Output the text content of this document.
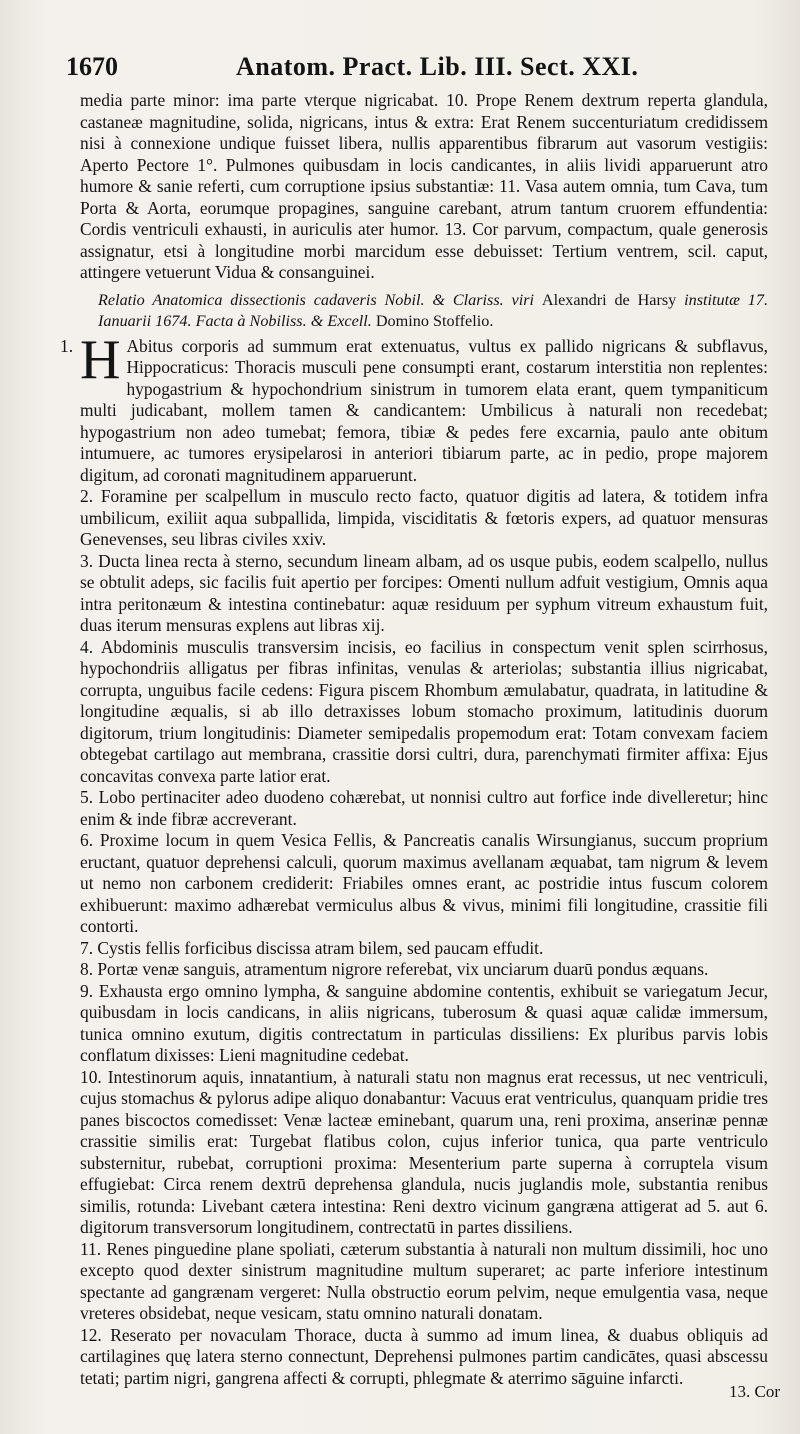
1670	Anatom. Pract. Lib. III. Sect. XXI.

media parte minor: ima parte vterque nigricabat. 10. Prope Renem dextrum reperta glandula, castaneæ magnitudine, solida, nigricans, intus & extra: Erat Renem succenturiatum credidissem nisi à connexione undique fuisset libera, nullis apparentibus fibrarum aut vasorum vestigiis: Aperto Pectore 1°. Pulmones quibusdam in locis candicantes, in aliis lividi apparuerunt atro humore & sanie referti, cum corruptione ipsius substantiæ: 11. Vasa autem omnia, tum Cava, tum Porta & Aorta, eorumque propagines, sanguine carebant, atrum tantum cruorem effundentia: Cordis ventriculi exhausti, in auriculis ater humor. 13. Cor parvum, compactum, quale generosis assignatur, etsi à longitudine morbi marcidum esse debuisset: Tertium ventrem, scil. caput, attingere vetuerunt Vidua & consanguinei.

Relatio Anatomica dissectionis cadaveris Nobil. & Clariss. viri Alexandri de Harsy institutæ 17. Ianuarii 1674. Facta à Nobiliss. & Excell. Domino Stoffelio.

1. H Abitus corporis ad summum erat extenuatus, vultus ex pallido nigricans & subflavus, Hippocraticus: Thoracis musculi pene consumpti erant, costarum interstitia non replentes: hypogastrium & hypochondrium sinistrum in tumorem elata erant, quem tympaniticum multi judicabant, mollem tamen & candicantem: Umbilicus à naturali non recedebat; hypogastrium non adeo tumebat; femora, tibiæ & pedes fere excarnia, paulo ante obitum intumuere, ac tumores erysipelarosi in anteriori tibiarum parte, ac in pedio, prope majorem digitum, ad coronati magnitudinem apparuerunt.

2. Foramine per scalpellum in musculo recto facto, quatuor digitis ad latera, & totidem infra umbilicum, exiliit aqua subpallida, limpida, visciditatis & fœtoris expers, ad quatuor mensuras Genevenses, seu libras civiles xxiv.

3. Ducta linea recta à sterno, secundum lineam albam, ad os usque pubis, eodem scalpello, nullus se obtulit adeps, sic facilis fuit apertio per forcipes: Omenti nullum adfuit vestigium, Omnis aqua intra peritonæum & intestina continebatur: aquæ residuum per syphum vitreum exhaustum fuit, duas iterum mensuras explens aut libras xij.

4. Abdominis musculis transversim incisis, eo facilius in conspectum venit splen scirrhosus, hypochondriis alligatus per fibras infinitas, venulas & arteriolas; substantia illius nigricabat, corrupta, unguibus facile cedens: Figura piscem Rhombum æmulabatur, quadrata, in latitudine & longitudine æqualis, si ab illo detraxisses lobum stomacho proximum, latitudinis duorum digitorum, trium longitudinis: Diameter semipedalis propemodum erat: Totam convexam faciem obtegebat cartilago aut membrana, crassitie dorsi cultri, dura, parenchymati firmiter affixa: Ejus concavitas convexa parte latior erat.

5. Lobo pertinaciter adeo duodeno cohærebat, ut nonnisi cultro aut forfice inde divelleretur; hinc enim & inde fibræ accreverant.

6. Proxime locum in quem Vesica Fellis, & Pancreatis canalis Wirsungianus, succum proprium eructant, quatuor deprehensi calculi, quorum maximus avellanam æquabat, tam nigrum & levem ut nemo non carbonem crediderit: Friabiles omnes erant, ac postridie intus fuscum colorem exhibuerunt: maximo adhærebat vermiculus albus & vivus, minimi fili longitudine, crassitie fili contorti.

7. Cystis fellis forficibus discissa atram bilem, sed paucam effudit.

8. Portæ venæ sanguis, atramentum nigrore referebat, vix unciarum duarū pondus æquans.

9. Exhausta ergo omnino lympha, & sanguine abdomine contentis, exhibuit se variegatum Jecur, quibusdam in locis candicans, in aliis nigricans, tuberosum & quasi aquæ calidæ immersum, tunica omnino exutum, digitis contrectatum in particulas dissiliens: Ex pluribus parvis lobis conflatum dixisses: Lieni magnitudine cedebat.

10. Intestinorum aquis, innatantium, à naturali statu non magnus erat recessus, ut nec ventriculi, cujus stomachus & pylorus adipe aliquo donabantur: Vacuus erat ventriculus, quanquam pridie tres panes biscoctos comedisset: Venæ lacteæ eminebant, quarum una, reni proxima, anserinæ pennæ crassitie similis erat: Turgebat flatibus colon, cujus inferior tunica, qua parte ventriculo substernitur, rubebat, corruptioni proxima: Mesenterium parte superna à corruptela visum effugiebat: Circa renem dextrū deprehensa glandula, nucis juglandis mole, substantia renibus similis, rotunda: Livebant cætera intestina: Reni dextro vicinum gangræna attigerat ad 5. aut 6. digitorum transversorum longitudinem, contrectatū in partes dissiliens.

11. Renes pinguedine plane spoliati, cæterum substantia à naturali non multum dissimili, hoc uno excepto quod dexter sinistrum magnitudine multum superaret; ac parte inferiore intestinum spectante ad gangrænam vergeret: Nulla obstructio eorum pelvim, neque emulgentia vasa, neque vreteres obsidebat, neque vesicam, statu omnino naturali donatam.

12. Reserato per novaculam Thorace, ducta à summo ad imum linea, & duabus obliquis ad cartilagines quę latera sterno connectunt, Deprehensi pulmones partim candicātes, quasi abscessu tetati; partim nigri, gangrena affecti & corrupti, phlegmate & aterrimo sāguine infarcti.

13. Cor
